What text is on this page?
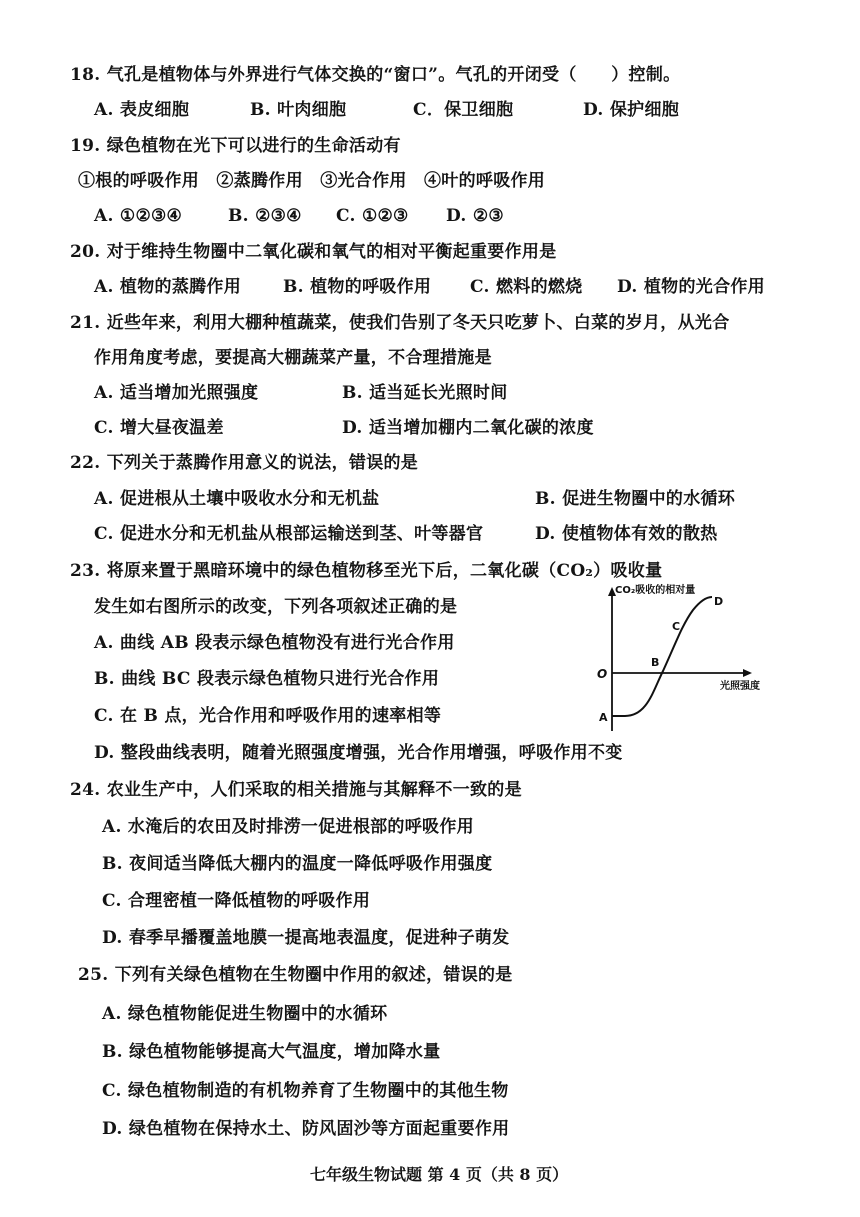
18. 气孔是植物体与外界进行气体交换的“窗口”。气孔的开闭受（　　）控制。
A. 表皮细胞	B. 叶肉细胞	C．保卫细胞	D. 保护细胞
19. 绿色植物在光下可以进行的生命活动有
①根的呼吸作用　②蒸腾作用　③光合作用　④叶的呼吸作用
A. ①②③④	B. ②③④ C. ①②③ D. ②③
20. 对于维持生物圈中二氧化碳和氧气的相对平衡起重要作用是
A. 植物的蒸腾作用 B. 植物的呼吸作用 C. 燃料的燃烧 D. 植物的光合作用
21. 近些年来，利用大棚种植蔬菜，使我们告别了冬天只吃萝卜、白菜的岁月，从光合
作用角度考虑，要提高大棚蔬菜产量，不合理措施是
A. 适当增加光照强度	B. 适当延长光照时间
C. 增大昼夜温差	D. 适当增加棚内二氧化碳的浓度
22. 下列关于蒸腾作用意义的说法，错误的是
A. 促进根从土壤中吸收水分和无机盐	B. 促进生物圈中的水循环
C. 促进水分和无机盐从根部运输送到茎、叶等器官	D. 使植物体有效的散热
23. 将原来置于黑暗环境中的绿色植物移至光下后，二氧化碳（CO₂）吸收量
发生如右图所示的改变，下列各项叙述正确的是
A. 曲线 AB 段表示绿色植物没有进行光合作用
B. 曲线 BC 段表示绿色植物只进行光合作用
C. 在 B 点，光合作用和呼吸作用的速率相等
D. 整段曲线表明，随着光照强度增强，光合作用增强，呼吸作用不变
CO₂吸收的相对量
光照强度
O
A
B
C
D
24. 农业生产中，人们采取的相关措施与其解释不一致的是
A. 水淹后的农田及时排涝一促进根部的呼吸作用
B. 夜间适当降低大棚内的温度一降低呼吸作用强度
C. 合理密植一降低植物的呼吸作用
D. 春季早播覆盖地膜一提高地表温度，促进种子萌发
25. 下列有关绿色植物在生物圈中作用的叙述，错误的是
A. 绿色植物能促进生物圈中的水循环
B. 绿色植物能够提高大气温度，增加降水量
C. 绿色植物制造的有机物养育了生物圈中的其他生物
D. 绿色植物在保持水土、防风固沙等方面起重要作用
七年级生物试题 第 4 页（共 8 页）
